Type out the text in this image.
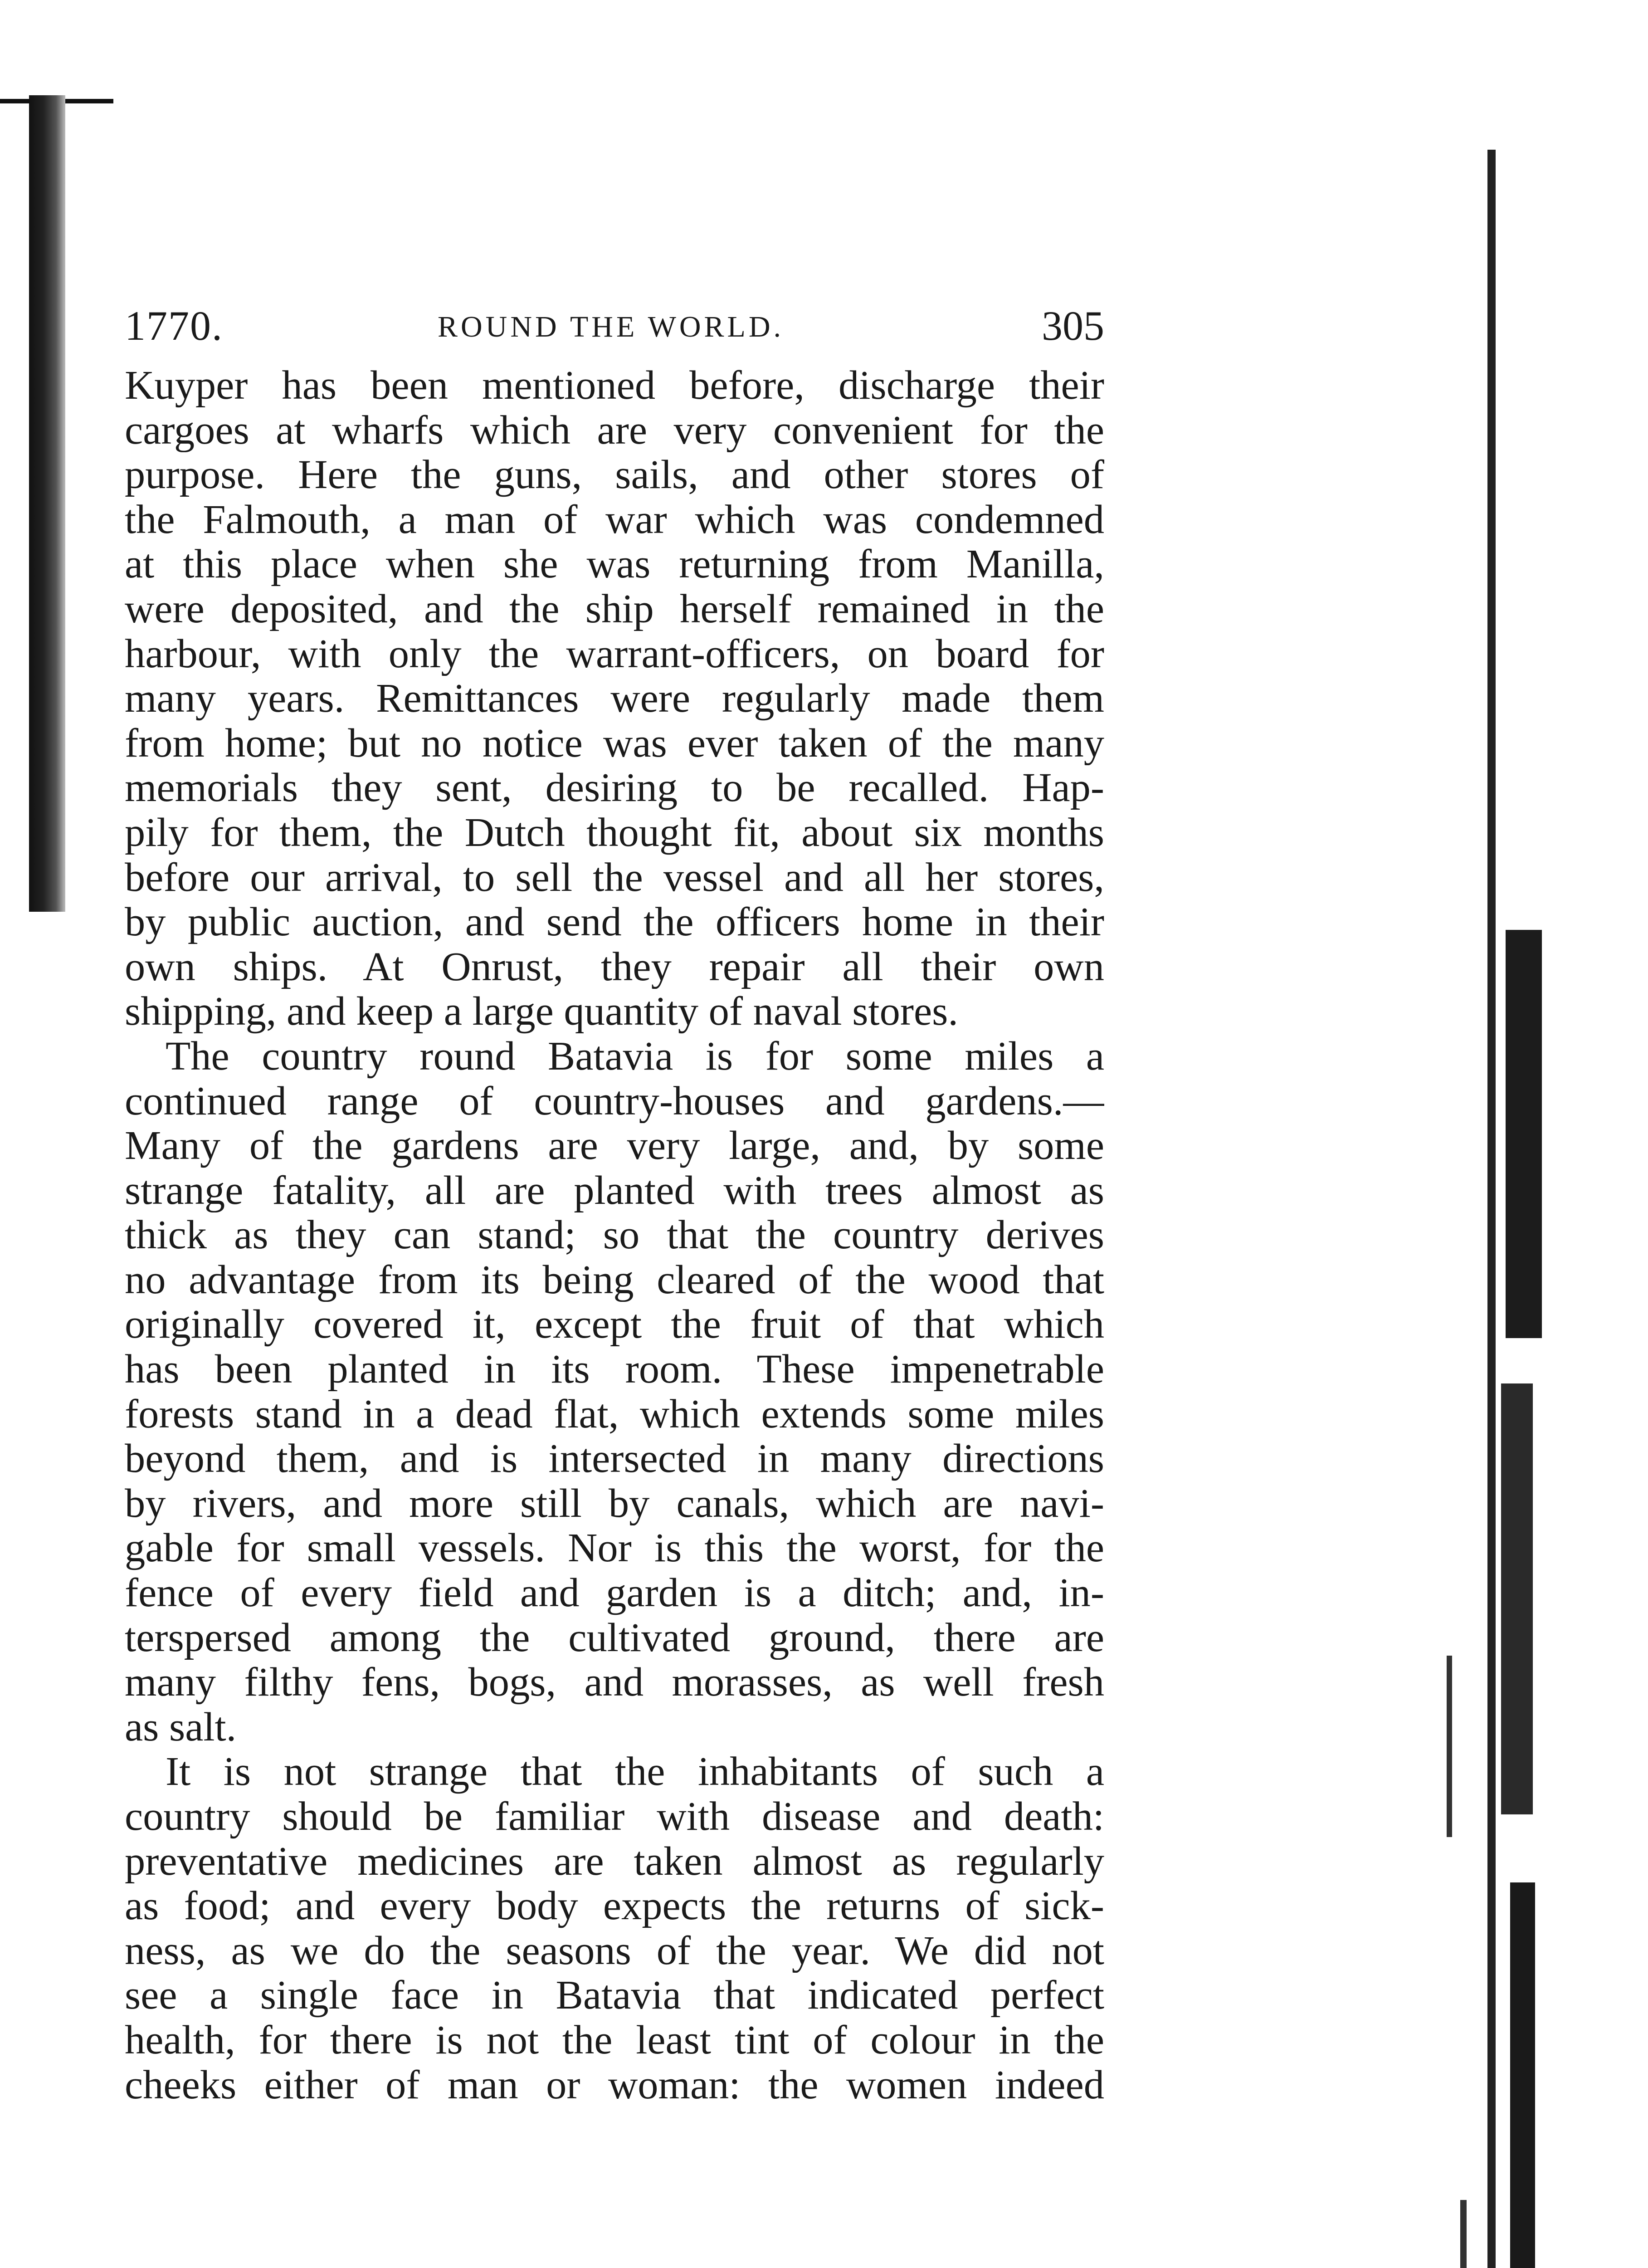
1770.	ROUND THE WORLD.	305
Kuyper has been mentioned before, discharge their
cargoes at wharfs which are very convenient for the
purpose. Here the guns, sails, and other stores of
the Falmouth, a man of war which was condemned
at this place when she was returning from Manilla,
were deposited, and the ship herself remained in the
harbour, with only the warrant-officers, on board for
many years. Remittances were regularly made them
from home; but no notice was ever taken of the many
memorials they sent, desiring to be recalled. Hap-
pily for them, the Dutch thought fit, about six months
before our arrival, to sell the vessel and all her stores,
by public auction, and send the officers home in their
own ships. At Onrust, they repair all their own
shipping, and keep a large quantity of naval stores.
The country round Batavia is for some miles a
continued range of country-houses and gardens.—
Many of the gardens are very large, and, by some
strange fatality, all are planted with trees almost as
thick as they can stand; so that the country derives
no advantage from its being cleared of the wood that
originally covered it, except the fruit of that which
has been planted in its room. These impenetrable
forests stand in a dead flat, which extends some miles
beyond them, and is intersected in many directions
by rivers, and more still by canals, which are navi-
gable for small vessels. Nor is this the worst, for the
fence of every field and garden is a ditch; and, in-
terspersed among the cultivated ground, there are
many filthy fens, bogs, and morasses, as well fresh
as salt.
It is not strange that the inhabitants of such a
country should be familiar with disease and death:
preventative medicines are taken almost as regularly
as food; and every body expects the returns of sick-
ness, as we do the seasons of the year. We did not
see a single face in Batavia that indicated perfect
health, for there is not the least tint of colour in the
cheeks either of man or woman: the women indeed
